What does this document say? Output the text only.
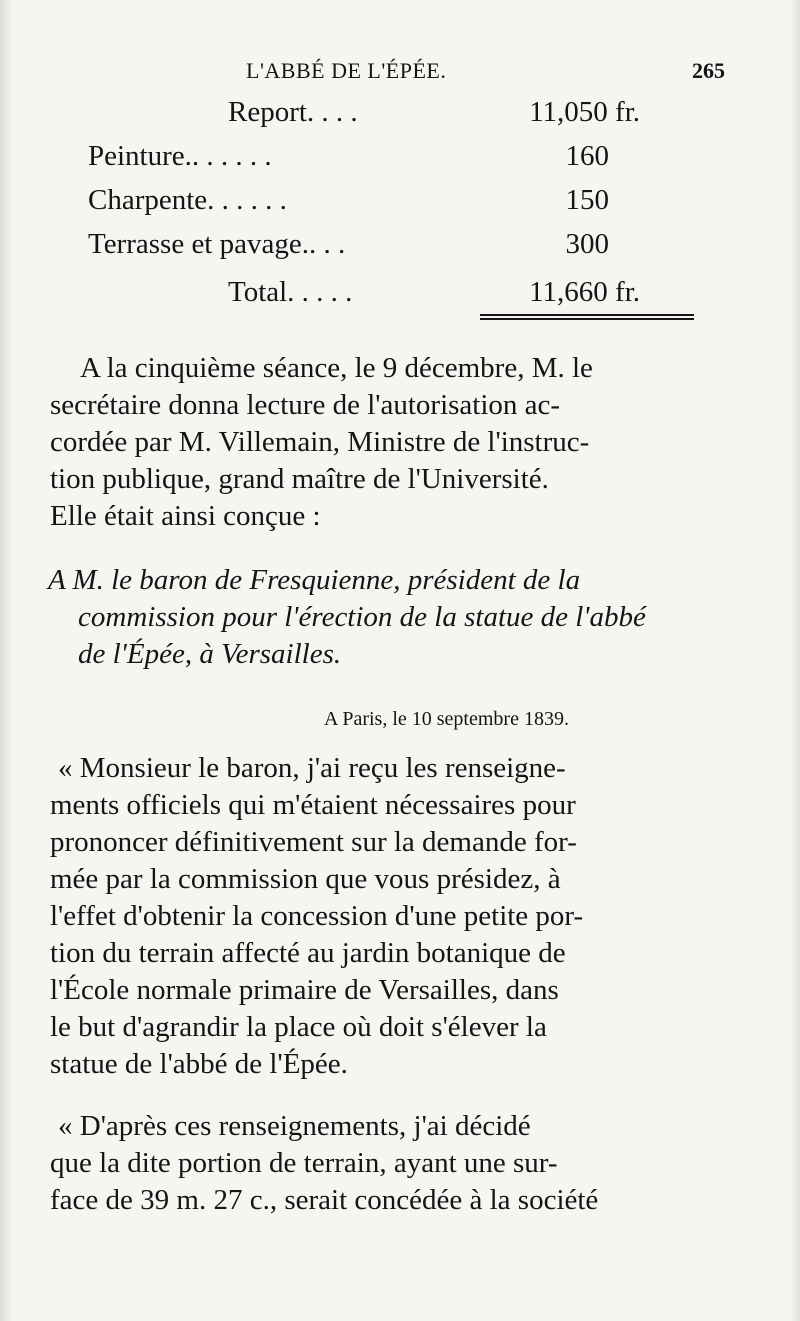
L'ABBÉ DE L'ÉPÉE.	265
Report. . . .	11,050 fr.
Peinture.. . . . . .	160
Charpente. . . . . .	150
Terrasse et pavage.. . .	300
Total. . . . .	11,660 fr.
A la cinquième séance, le 9 décembre, M. le
secrétaire donna lecture de l'autorisation ac-
cordée par M. Villemain, Ministre de l'instruc-
tion publique, grand maître de l'Université.
Elle était ainsi conçue :
A M. le baron de Fresquienne, président de la
commission pour l'érection de la statue de l'abbé
de l'Épée, à Versailles.
A Paris, le 10 septembre 1839.
« Monsieur le baron, j'ai reçu les renseigne-
ments officiels qui m'étaient nécessaires pour
prononcer définitivement sur la demande for-
mée par la commission que vous présidez, à
l'effet d'obtenir la concession d'une petite por-
tion du terrain affecté au jardin botanique de
l'École normale primaire de Versailles, dans
le but d'agrandir la place où doit s'élever la
statue de l'abbé de l'Épée.
« D'après ces renseignements, j'ai décidé
que la dite portion de terrain, ayant une sur-
face de 39 m. 27 c., serait concédée à la société
